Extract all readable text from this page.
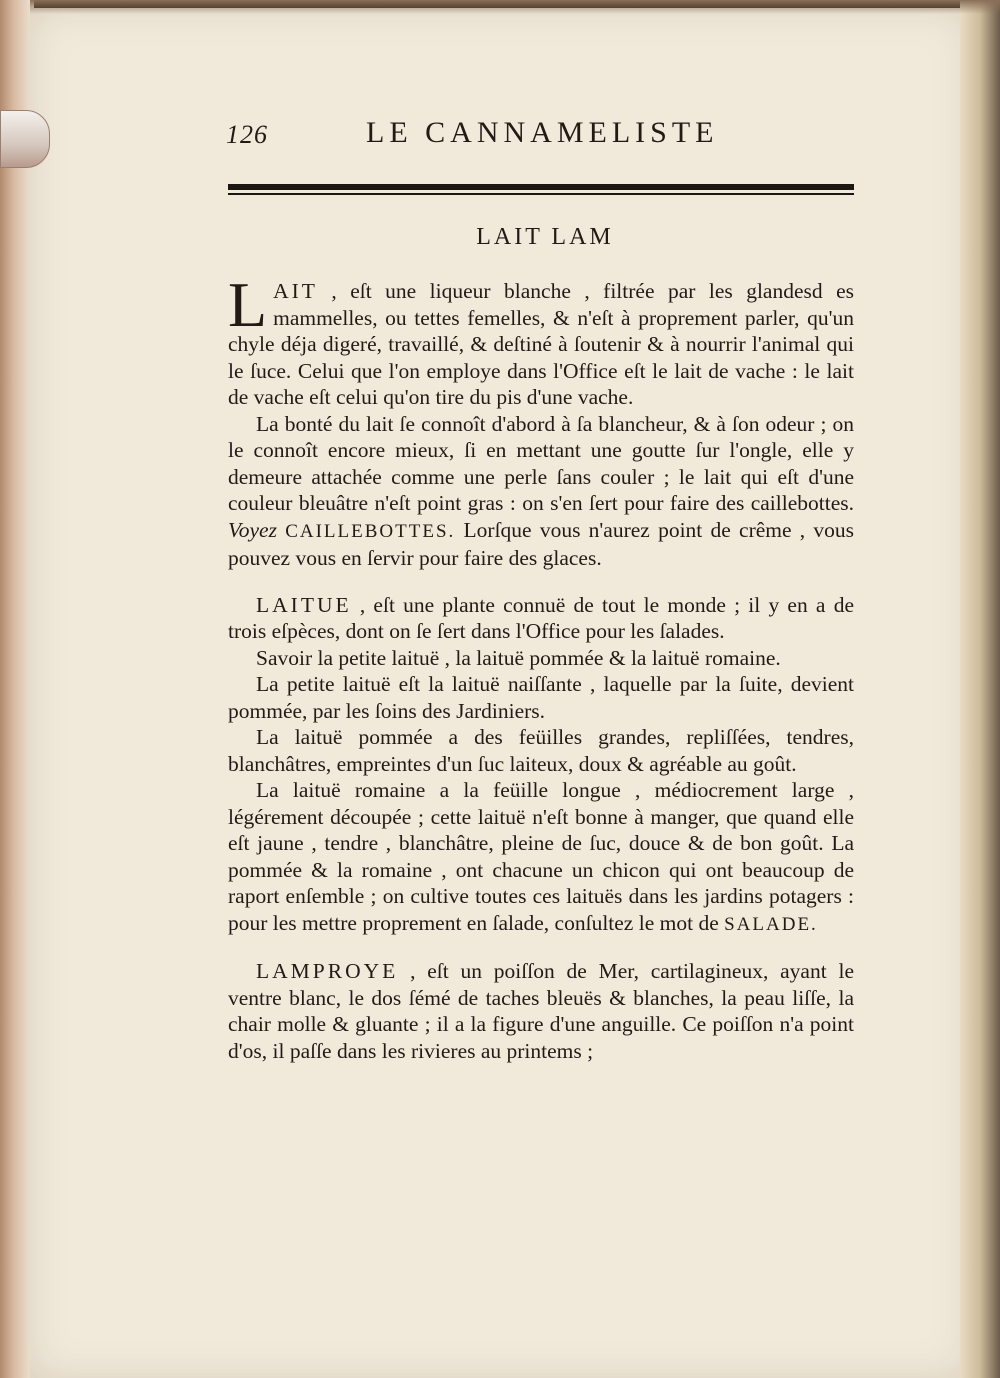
126	LE CANNAMELISTE
LAIT LAM

LAIT , eſt une liqueur blanche , filtrée par les glandesd es mammelles, ou tettes femelles, & n'eſt à proprement parler, qu'un chyle déja digeré, travaillé, & deſtiné à ſoutenir & à nourrir l'animal qui le ſuce. Celui que l'on employe dans l'Office eſt le lait de vache : le lait de vache eſt celui qu'on tire du pis d'une vache.

La bonté du lait ſe connoît d'abord à ſa blancheur, & à ſon odeur ; on le connoît encore mieux, ſi en mettant une goutte ſur l'ongle, elle y demeure attachée comme une perle ſans couler ; le lait qui eſt d'une couleur bleuâtre n'eſt point gras : on s'en ſert pour faire des caillebottes. Voyez CAILLEBOTTES. Lorſque vous n'aurez point de crême , vous pouvez vous en ſervir pour faire des glaces.

LAITUE , eſt une plante connuë de tout le monde ; il y en a de trois eſpèces, dont on ſe ſert dans l'Office pour les ſalades.

Savoir la petite laituë , la laituë pommée & la laituë romaine.

La petite laituë eſt la laituë naiſſante , laquelle par la ſuite, devient pommée, par les ſoins des Jardiniers.

La laituë pommée a des feüilles grandes, repliſſées, tendres, blanchâtres, empreintes d'un ſuc laiteux, doux & agréable au goût.

La laituë romaine a la feüille longue , médiocrement large , légérement découpée ; cette laituë n'eſt bonne à manger, que quand elle eſt jaune , tendre , blanchâtre, pleine de ſuc, douce & de bon goût. La pommée & la romaine , ont chacune un chicon qui ont beaucoup de raport enſemble ; on cultive toutes ces laituës dans les jardins potagers : pour les mettre proprement en ſalade, conſultez le mot de SALADE.

LAMPROYE , eſt un poiſſon de Mer, cartilagineux, ayant le ventre blanc, le dos ſémé de taches bleuës & blanches, la peau liſſe, la chair molle & gluante ; il a la figure d'une anguille. Ce poiſſon n'a point d'os, il paſſe dans les rivieres au printems ;
